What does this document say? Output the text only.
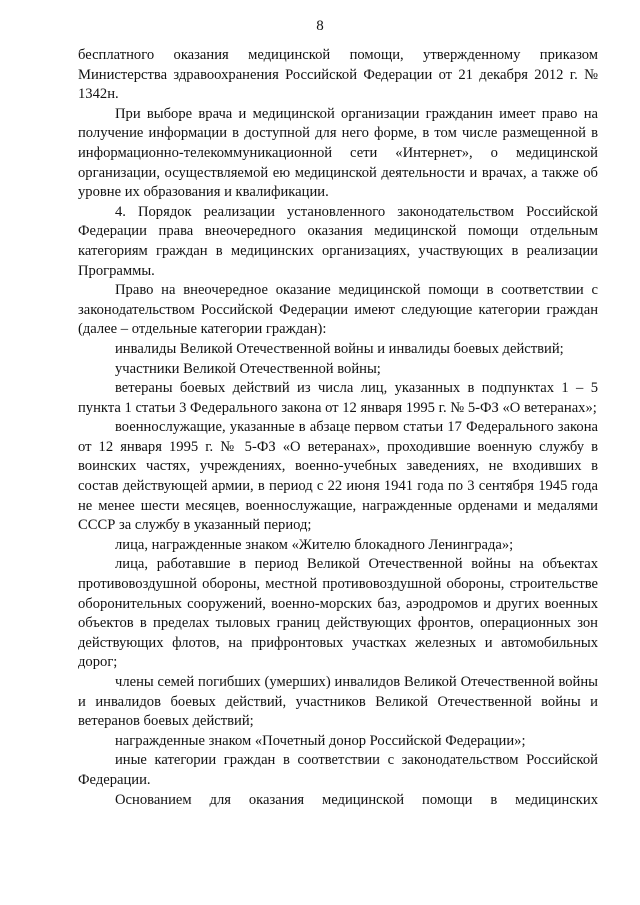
8

бесплатного оказания медицинской помощи, утвержденному приказом Министерства здравоохранения Российской Федерации от 21 декабря 2012 г. № 1342н.

При выборе врача и медицинской организации гражданин имеет право на получение информации в доступной для него форме, в том числе размещенной в информационно-телекоммуникационной сети «Интернет», о медицинской организации, осуществляемой ею медицинской деятельности и врачах, а также об уровне их образования и квалификации.

4. Порядок реализации установленного законодательством Российской Федерации права внеочередного оказания медицинской помощи отдельным категориям граждан в медицинских организациях, участвующих в реализации Программы.

Право на внеочередное оказание медицинской помощи в соответствии с законодательством Российской Федерации имеют следующие категории граждан (далее – отдельные категории граждан):

инвалиды Великой Отечественной войны и инвалиды боевых действий;

участники Великой Отечественной войны;

ветераны боевых действий из числа лиц, указанных в подпунктах 1 – 5 пункта 1 статьи 3 Федерального закона от 12 января 1995 г. № 5-ФЗ «О ветеранах»;

военнослужащие, указанные в абзаце первом статьи 17 Федерального закона от 12 января 1995 г. № 5-ФЗ «О ветеранах», проходившие военную службу в воинских частях, учреждениях, военно-учебных заведениях, не входивших в состав действующей армии, в период с 22 июня 1941 года по 3 сентября 1945 года не менее шести месяцев, военнослужащие, награжденные орденами и медалями СССР за службу в указанный период;

лица, награжденные знаком «Жителю блокадного Ленинграда»;

лица, работавшие в период Великой Отечественной войны на объектах противовоздушной обороны, местной противовоздушной обороны, строительстве оборонительных сооружений, военно-морских баз, аэродромов и других военных объектов в пределах тыловых границ действующих фронтов, операционных зон действующих флотов, на прифронтовых участках железных и автомобильных дорог;

члены семей погибших (умерших) инвалидов Великой Отечественной войны и инвалидов боевых действий, участников Великой Отечественной войны и ветеранов боевых действий;

награжденные знаком «Почетный донор Российской Федерации»;

иные категории граждан в соответствии с законодательством Российской Федерации.

Основанием для оказания медицинской помощи в медицинских
